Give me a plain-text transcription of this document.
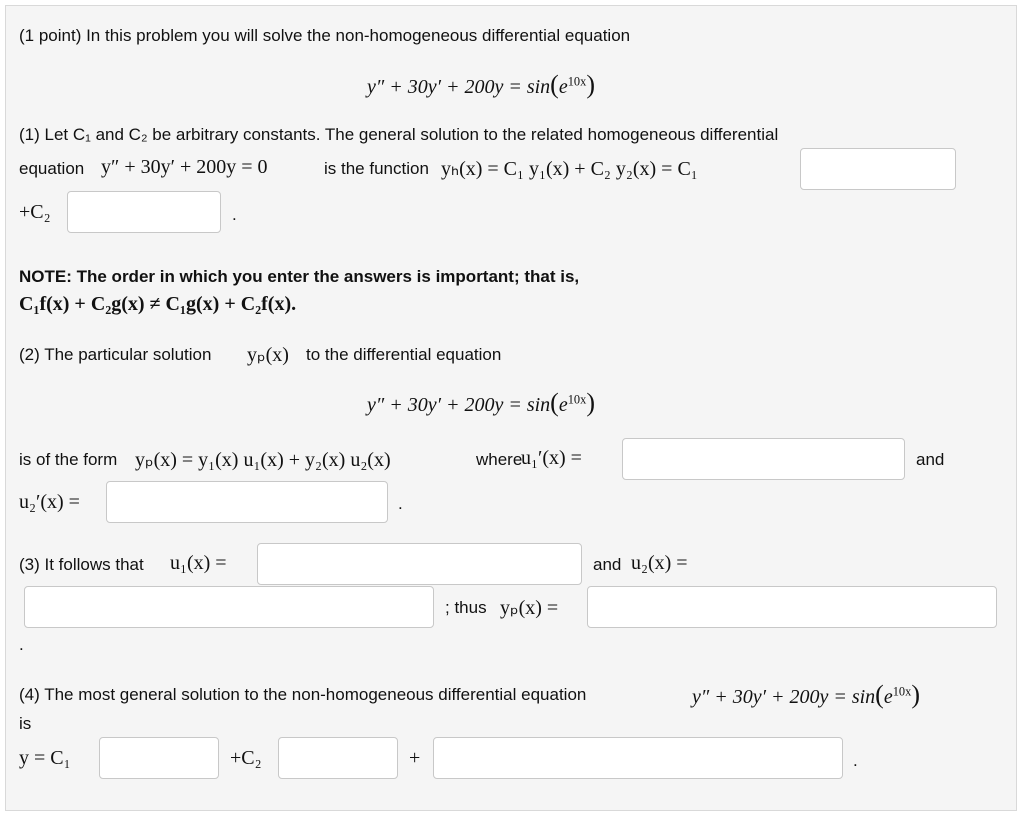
(1 point) In this problem you will solve the non-homogeneous differential equation
$y'' + 30y' + 200y = \sin(e^{10x})$
(1) Let C₁ and C₂ be arbitrary constants. The general solution to the related homogeneous differential
equation y″ + 30y′ + 200y = 0	is the function yₕ(x) = C₁ y₁(x) + C₂ y₂(x) = C₁
+C₂	.
NOTE: The order in which you enter the answers is important; that is,
C₁f(x) + C₂g(x) ≠ C₁g(x) + C₂f(x).
(2) The particular solution yₚ(x) to the differential equation
$y'' + 30y' + 200y = \sin(e^{10x})$
is of the form yₚ(x) = y₁(x) u₁(x) + y₂(x) u₂(x)	where
u₁′(x) =	and
u₂′(x) =	.
(3) It follows that u₁(x) =	and u₂(x) =
; thus yₚ(x) =
.
(4) The most general solution to the non-homogeneous differential equation	$y'' + 30y' + 200y = \sin(e^{10x})$
is
y = C₁	+C₂	+	.
